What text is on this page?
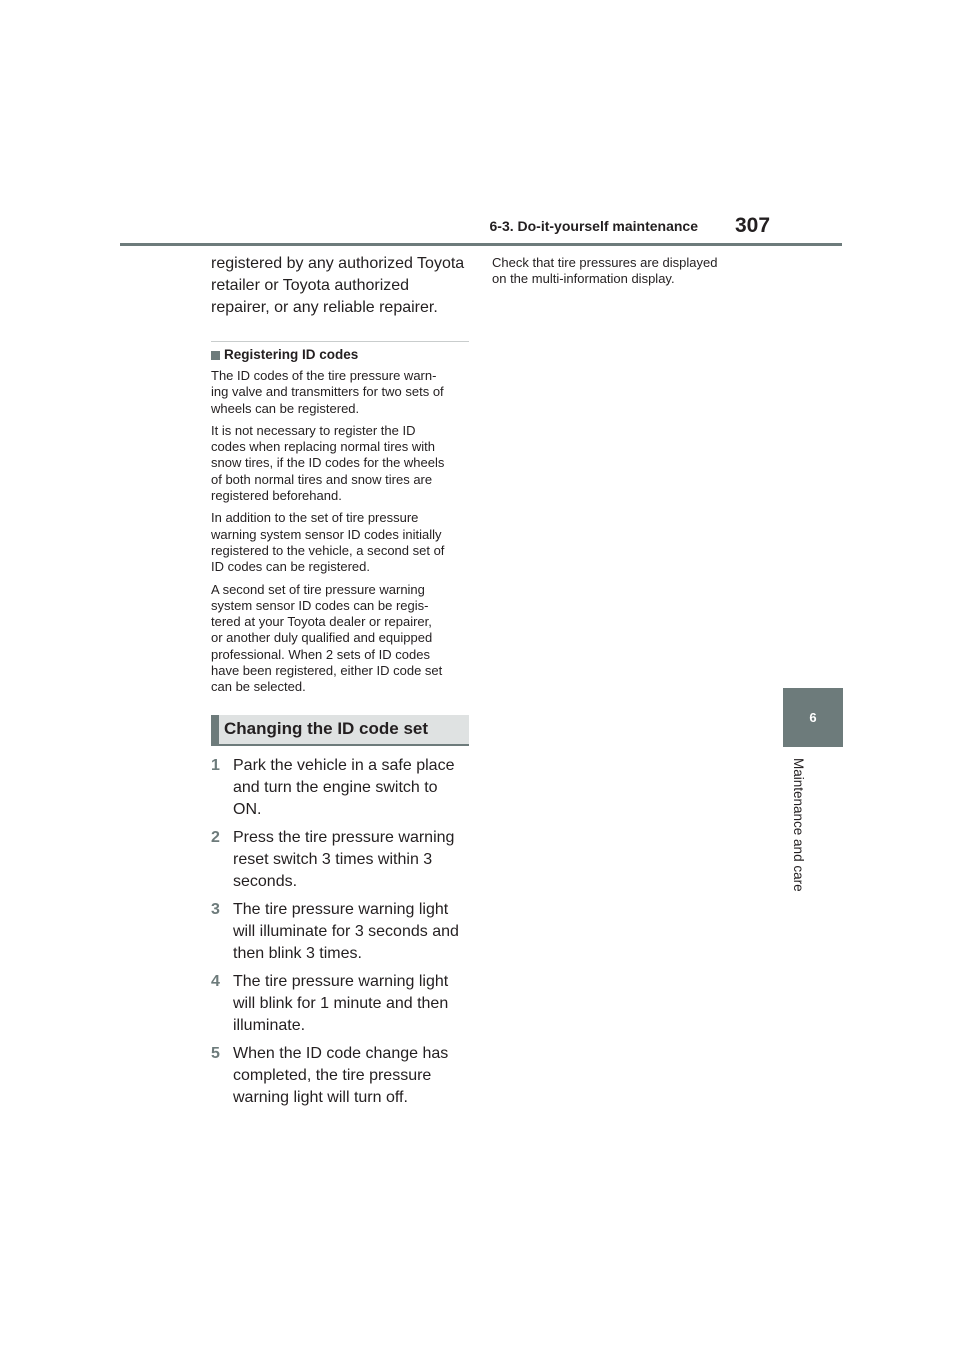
6-3. Do-it-yourself maintenance 307
6
Maintenance and care

registered by any authorized Toyota
retailer or Toyota authorized
repairer, or any reliable repairer.

Registering ID codes

The ID codes of the tire pressure warn-
ing valve and transmitters for two sets of
wheels can be registered.

It is not necessary to register the ID
codes when replacing normal tires with
snow tires, if the ID codes for the wheels
of both normal tires and snow tires are
registered beforehand.

In addition to the set of tire pressure
warning system sensor ID codes initially
registered to the vehicle, a second set of
ID codes can be registered.

A second set of tire pressure warning
system sensor ID codes can be regis-
tered at your Toyota dealer or repairer,
or another duly qualified and equipped
professional. When 2 sets of ID codes
have been registered, either ID code set
can be selected.

Changing the ID code set
1 Park the vehicle in a safe place
and turn the engine switch to
ON.
2 Press the tire pressure warning
reset switch 3 times within 3
seconds.
3 The tire pressure warning light
will illuminate for 3 seconds and
then blink 3 times.
4 The tire pressure warning light
will blink for 1 minute and then
illuminate.
5 When the ID code change has
completed, the tire pressure
warning light will turn off.

Check that tire pressures are displayed
on the multi-information display.
